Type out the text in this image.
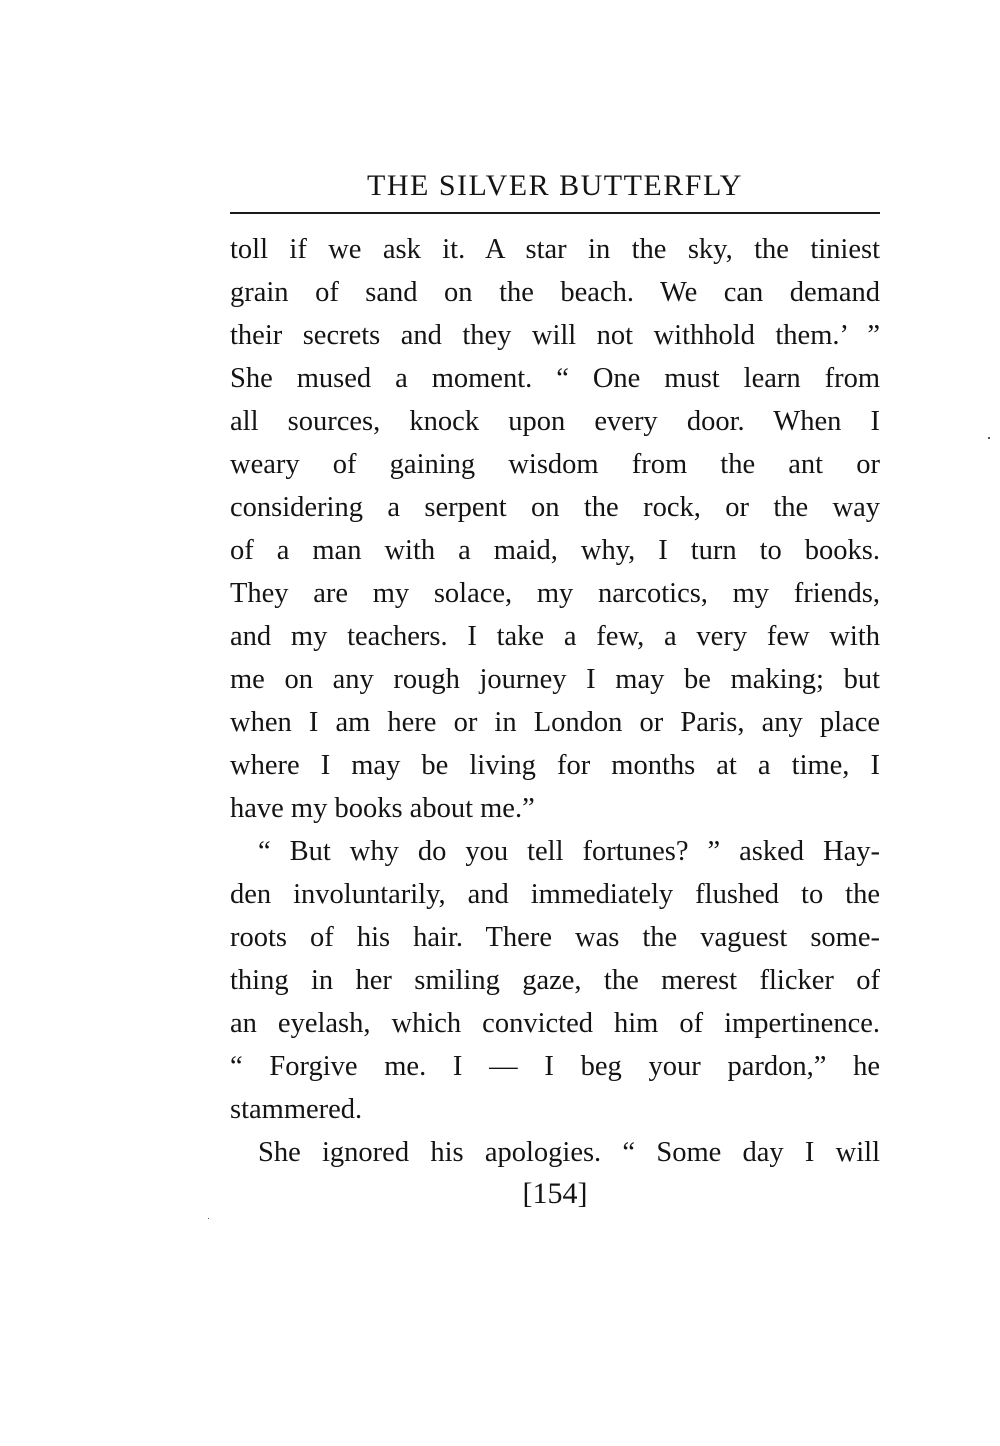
THE SILVER BUTTERFLY
toll if we ask it. A star in the sky, the tiniest
grain of sand on the beach. We can demand
their secrets and they will not withhold them.’ ”
She mused a moment. “ One must learn from
all sources, knock upon every door. When I
weary of gaining wisdom from the ant or
considering a serpent on the rock, or the way
of a man with a maid, why, I turn to books.
They are my solace, my narcotics, my friends,
and my teachers. I take a few, a very few with
me on any rough journey I may be making; but
when I am here or in London or Paris, any place
where I may be living for months at a time, I
have my books about me.”
“ But why do you tell fortunes? ” asked Hay-
den involuntarily, and immediately flushed to the
roots of his hair. There was the vaguest some-
thing in her smiling gaze, the merest flicker of
an eyelash, which convicted him of impertinence.
“ Forgive me. I — I beg your pardon,” he
stammered.
She ignored his apologies. “ Some day I will
[154]
